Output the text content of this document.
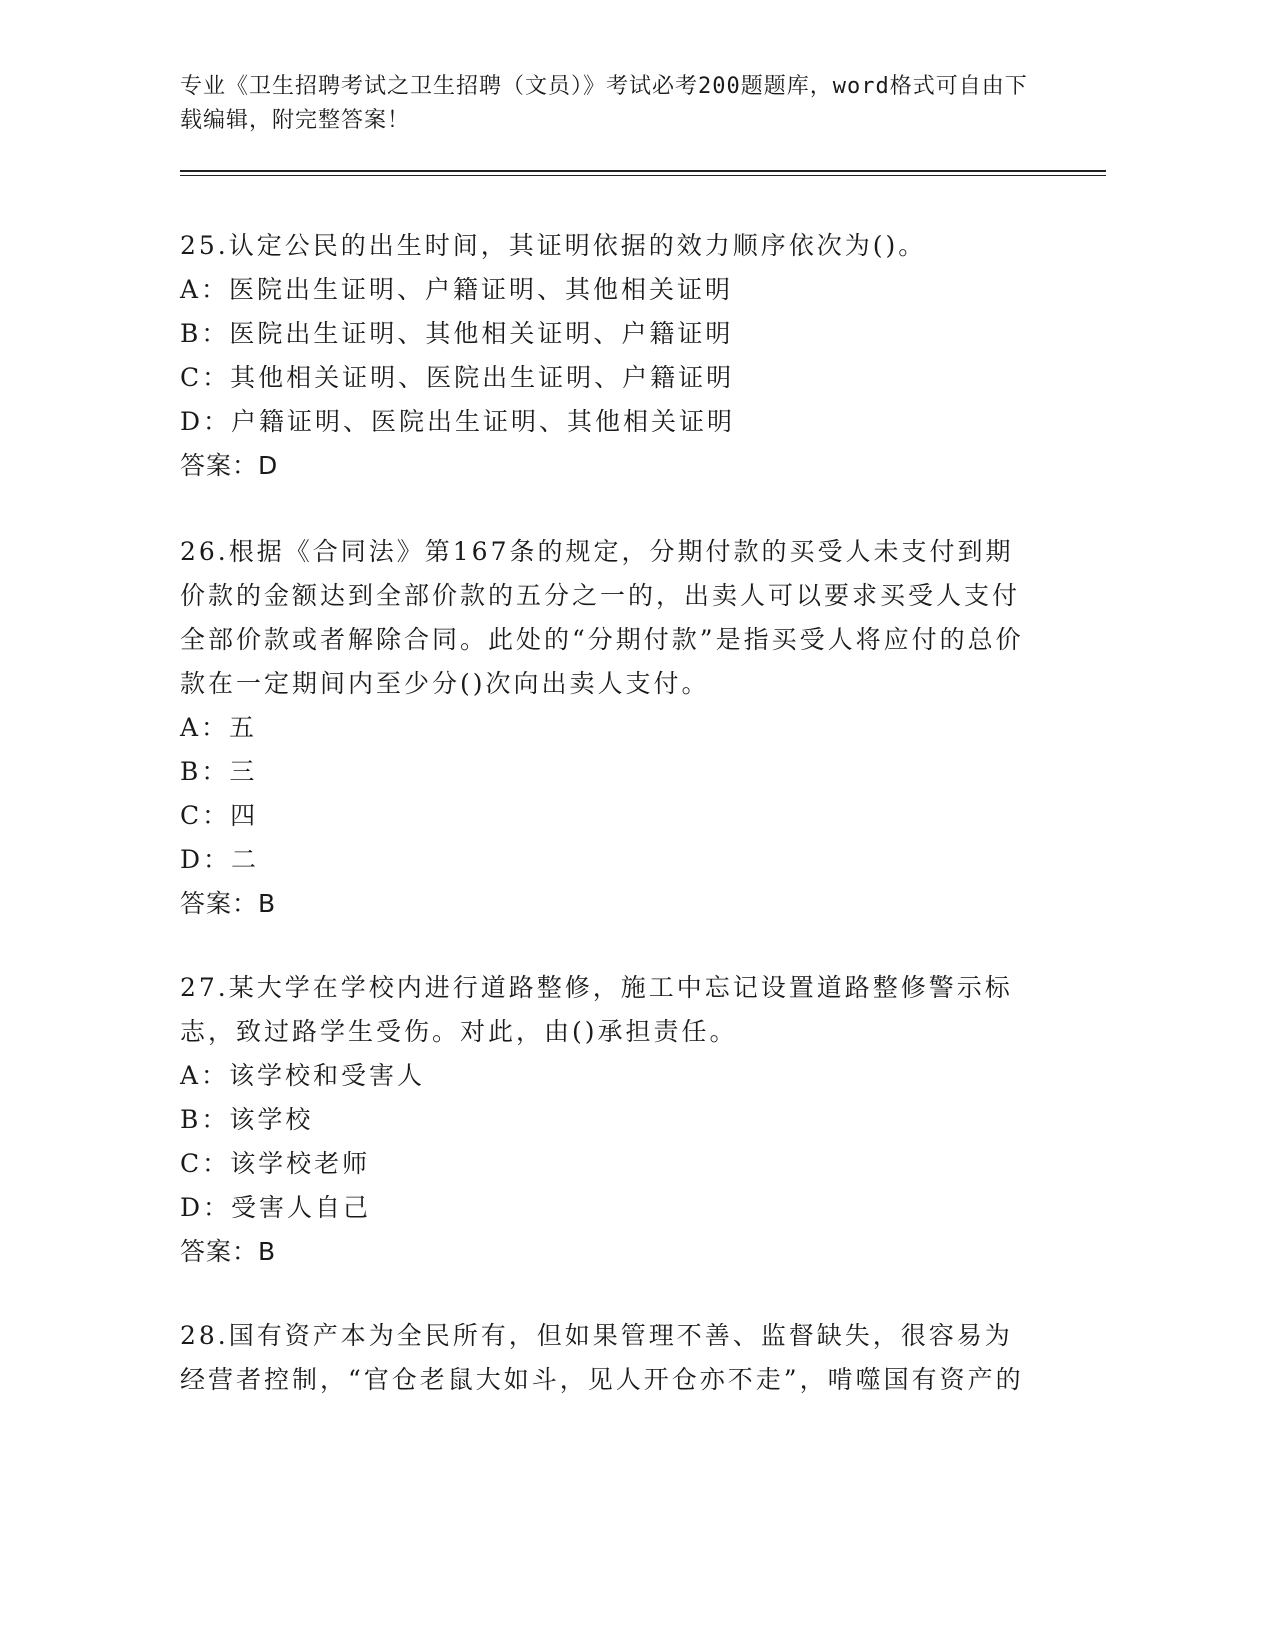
专业《卫生招聘考试之卫生招聘（文员）》考试必考200题题库，word格式可自由下载编辑，附完整答案！

25.认定公民的出生时间，其证明依据的效力顺序依次为()。

A：医院出生证明、户籍证明、其他相关证明

B：医院出生证明、其他相关证明、户籍证明

C：其他相关证明、医院出生证明、户籍证明

D：户籍证明、医院出生证明、其他相关证明

答案：D

26.根据《合同法》第167条的规定，分期付款的买受人未支付到期价款的金额达到全部价款的五分之一的，出卖人可以要求买受人支付全部价款或者解除合同。此处的“分期付款”是指买受人将应付的总价款在一定期间内至少分()次向出卖人支付。

A：五

B：三

C：四

D：二

答案：B

27.某大学在学校内进行道路整修，施工中忘记设置道路整修警示标志，致过路学生受伤。对此，由()承担责任。

A：该学校和受害人

B：该学校

C：该学校老师

D：受害人自己

答案：B

28.国有资产本为全民所有，但如果管理不善、监督缺失，很容易为经营者控制，“官仓老鼠大如斗，见人开仓亦不走”，啃噬国有资产的
